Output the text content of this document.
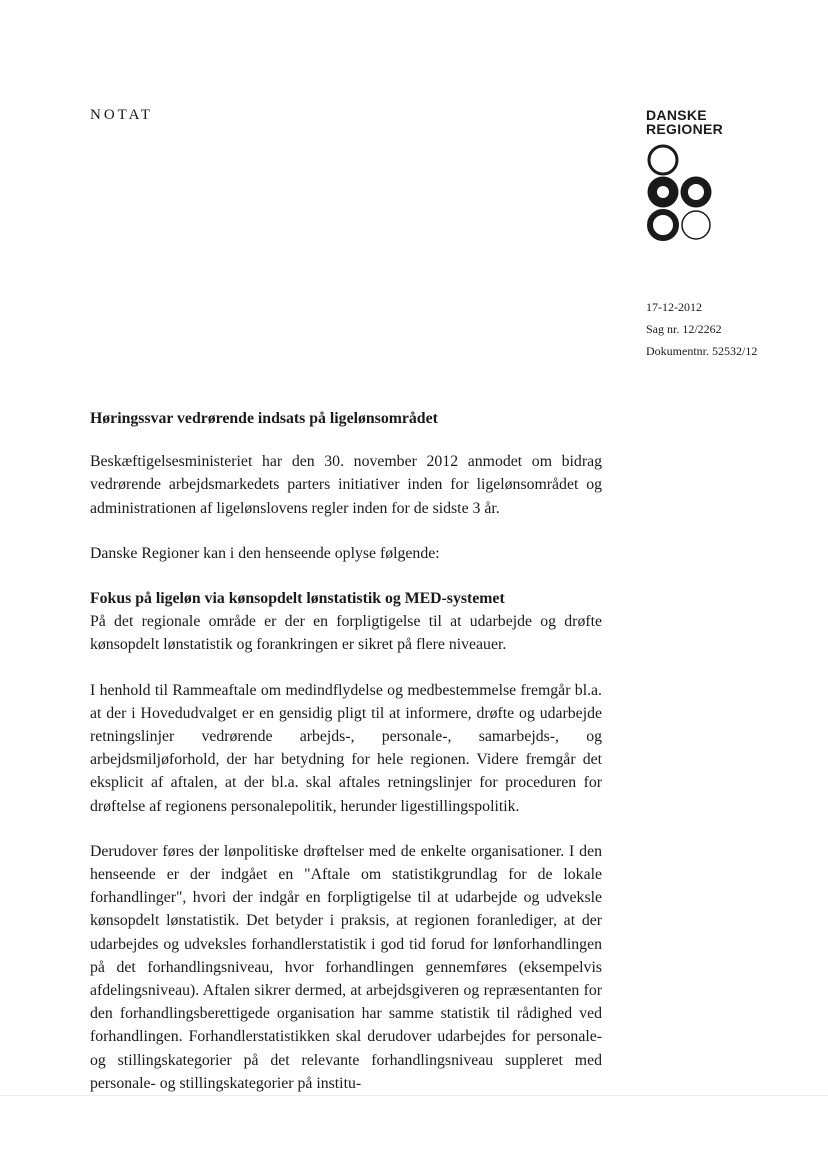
NOTAT	DANSKE
REGIONER
17-12-2012
Sag nr. 12/2262
Dokumentnr. 52532/12
Høringssvar vedrørende indsats på ligelønsområdet

Beskæftigelsesministeriet har den 30. november 2012 anmodet om bidrag vedrørende arbejdsmarkedets parters initiativer inden for ligelønsområdet og administrationen af ligelønslovens regler inden for de sidste 3 år.

Danske Regioner kan i den henseende oplyse følgende:

Fokus på ligeløn via kønsopdelt lønstatistik og MED-systemet
På det regionale område er der en forpligtigelse til at udarbejde og drøfte kønsopdelt lønstatistik og forankringen er sikret på flere niveauer.

I henhold til Rammeaftale om medindflydelse og medbestemmelse fremgår bl.a. at der i Hovedudvalget er en gensidig pligt til at informere, drøfte og udarbejde retningslinjer vedrørende arbejds-, personale-, samarbejds-, og arbejdsmiljøforhold, der har betydning for hele regionen. Videre fremgår det eksplicit af aftalen, at der bl.a. skal aftales retningslinjer for proceduren for drøftelse af regionens personalepolitik, herunder ligestillingspolitik.

Derudover føres der lønpolitiske drøftelser med de enkelte organisationer. I den henseende er der indgået en "Aftale om statistikgrundlag for de lokale forhandlinger", hvori der indgår en forpligtigelse til at udarbejde og udveksle kønsopdelt lønstatistik. Det betyder i praksis, at regionen foranlediger, at der udarbejdes og udveksles forhandlerstatistik i god tid forud for lønforhandlingen på det forhandlingsniveau, hvor forhandlingen gennemføres (eksempelvis afdelingsniveau). Aftalen sikrer dermed, at arbejdsgiveren og repræsentanten for den forhandlingsberettigede organisation har samme statistik til rådighed ved forhandlingen. Forhandlerstatistikken skal derudover udarbejdes for personale- og stillingskategorier på det relevante forhandlingsniveau suppleret med personale- og stillingskategorier på institu-
